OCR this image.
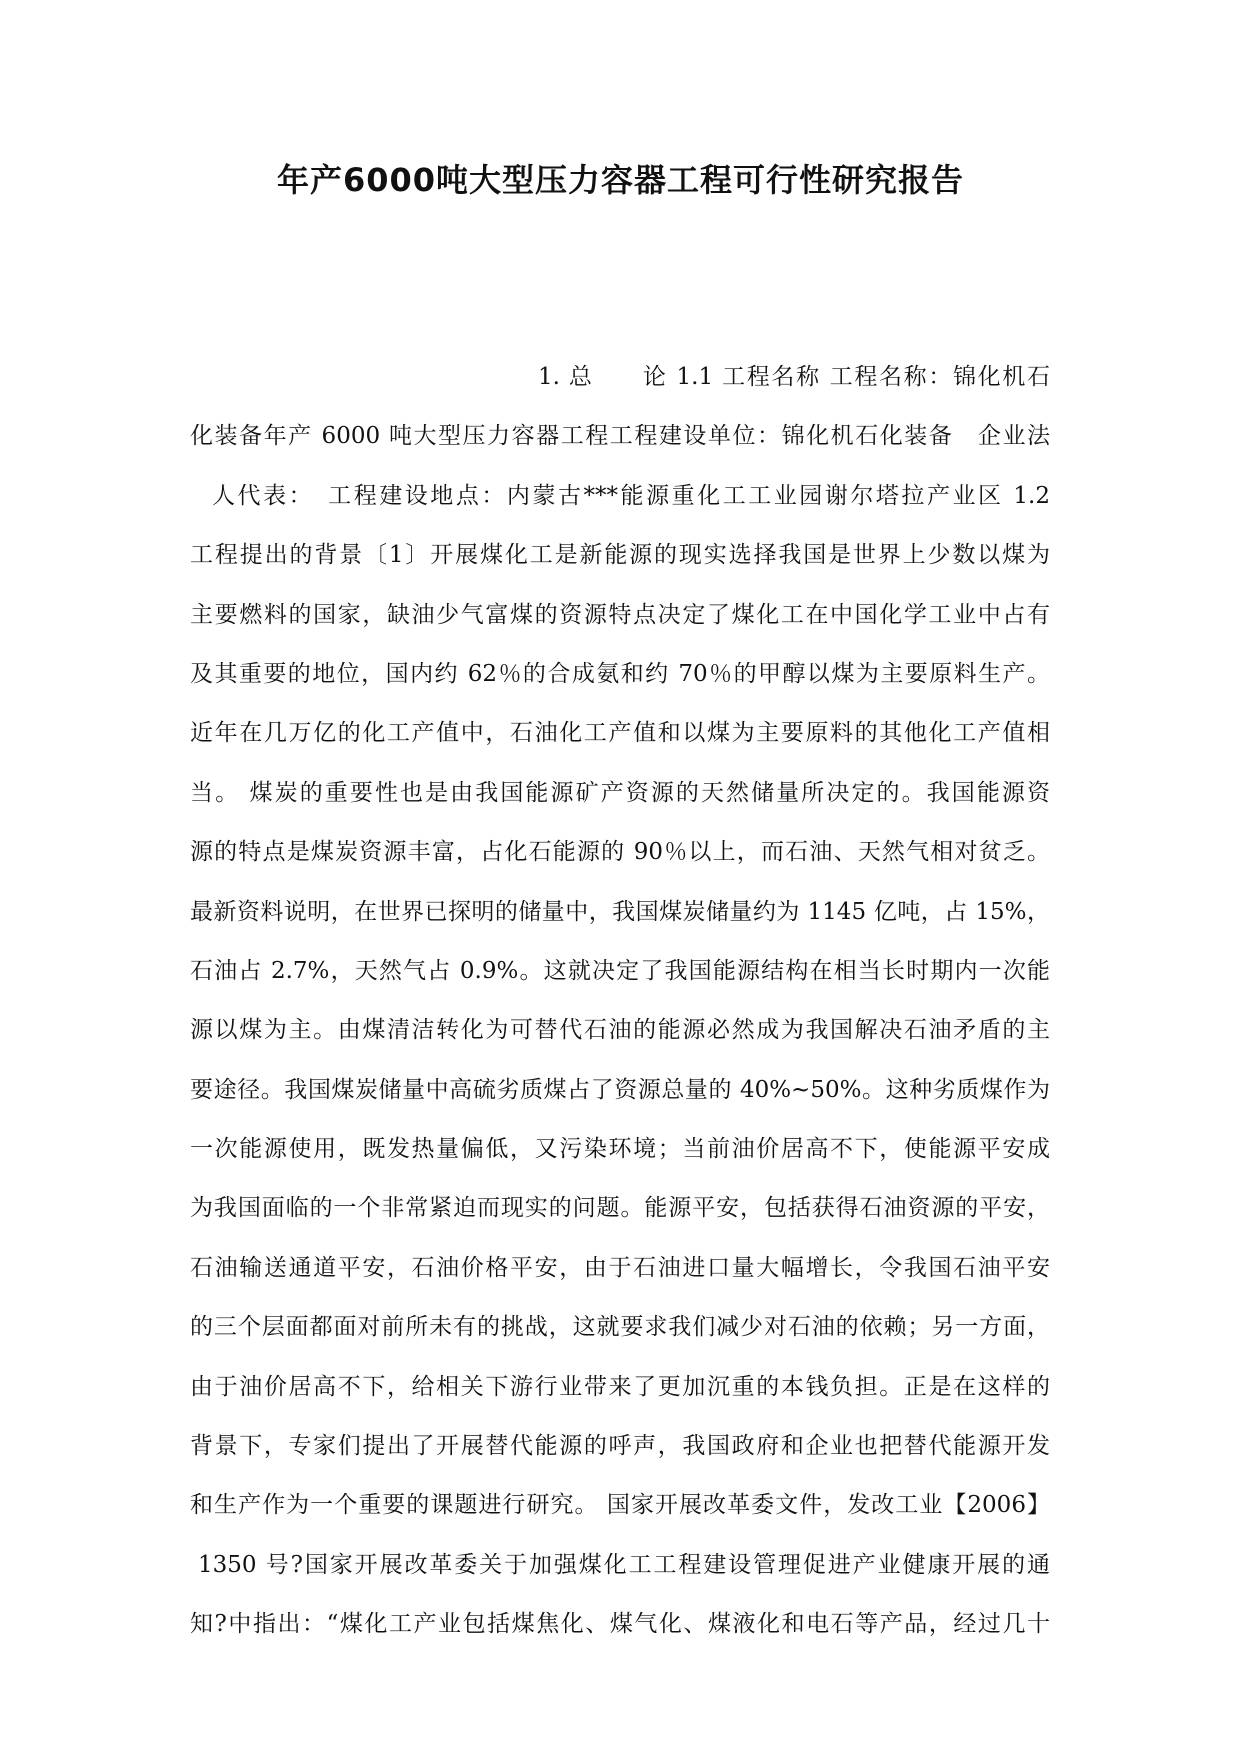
年产6000吨大型压力容器工程可行性研究报告
1. 总　　论 1.1 工程名称 工程名称：锦化机石
化装备年产 6000 吨大型压力容器工程工程建设单位：锦化机石化装备　企业法
人代表：　工程建设地点：内蒙古***能源重化工工业园谢尔塔拉产业区 1.2
工程提出的背景〔1〕开展煤化工是新能源的现实选择我国是世界上少数以煤为
主要燃料的国家，缺油少气富煤的资源特点决定了煤化工在中国化学工业中占有
及其重要的地位，国内约 62％的合成氨和约 70％的甲醇以煤为主要原料生产。
近年在几万亿的化工产值中，石油化工产值和以煤为主要原料的其他化工产值相
当。 煤炭的重要性也是由我国能源矿产资源的天然储量所决定的。我国能源资
源的特点是煤炭资源丰富，占化石能源的 90％以上，而石油、天然气相对贫乏。
最新资料说明，在世界已探明的储量中，我国煤炭储量约为 1145 亿吨，占 15%，
石油占 2.7%，天然气占 0.9%。这就决定了我国能源结构在相当长时期内一次能
源以煤为主。由煤清洁转化为可替代石油的能源必然成为我国解决石油矛盾的主
要途径。我国煤炭储量中高硫劣质煤占了资源总量的 40%~50%。这种劣质煤作为
一次能源使用，既发热量偏低，又污染环境；当前油价居高不下，使能源平安成
为我国面临的一个非常紧迫而现实的问题。能源平安，包括获得石油资源的平安，
石油输送通道平安，石油价格平安，由于石油进口量大幅增长，令我国石油平安
的三个层面都面对前所未有的挑战，这就要求我们减少对石油的依赖；另一方面，
由于油价居高不下，给相关下游行业带来了更加沉重的本钱负担。正是在这样的
背景下，专家们提出了开展替代能源的呼声，我国政府和企业也把替代能源开发
和生产作为一个重要的课题进行研究。 国家开展改革委文件，发改工业【2006】
1350 号?国家开展改革委关于加强煤化工工程建设管理促进产业健康开展的通
知?中指出：“煤化工产业包括煤焦化、煤气化、煤液化和电石等产品，经过几十
